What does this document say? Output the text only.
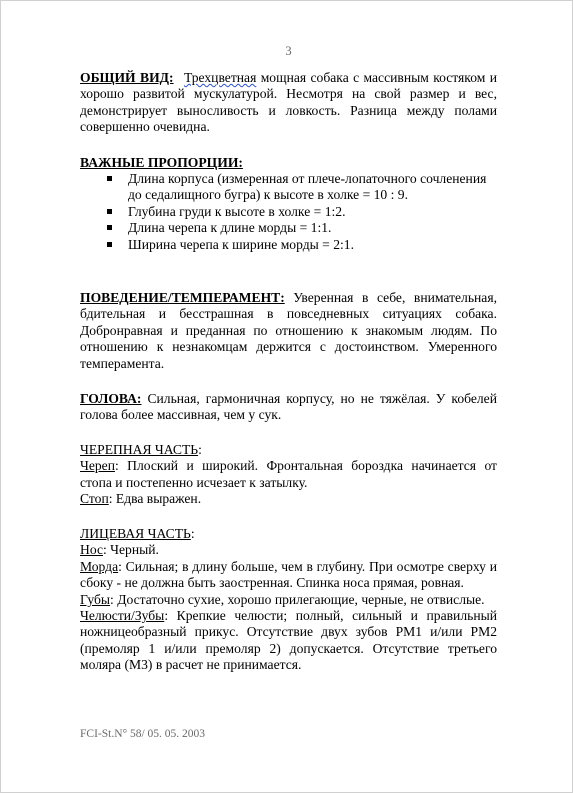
3
ОБЩИЙ ВИД: Трехцветная мощная собака с массивным костяком и хорошо развитой мускулатурой. Несмотря на свой размер и вес, демонстрирует выносливость и ловкость. Разница между полами совершенно очевидна.
ВАЖНЫЕ ПРОПОРЦИИ:
Длина корпуса (измеренная от плече-лопаточного сочленения до седалищного бугра) к высоте в холке = 10 : 9.
Глубина груди к высоте в холке = 1:2.
Длина черепа к длине морды = 1:1.
Ширина черепа к ширине морды = 2:1.
ПОВЕДЕНИЕ/ТЕМПЕРАМЕНТ: Уверенная в себе, внимательная, бдительная и бесстрашная в повседневных ситуациях собака. Добронравная и преданная по отношению к знакомым людям. По отношению к незнакомцам держится с достоинством. Умеренного темперамента.
ГОЛОВА: Сильная, гармоничная корпусу, но не тяжёлая. У кобелей голова более массивная, чем у сук.
ЧЕРЕПНАЯ ЧАСТЬ:
Череп: Плоский и широкий. Фронтальная бороздка начинается от стопа и постепенно исчезает к затылку.
Стоп: Едва выражен.
ЛИЦЕВАЯ ЧАСТЬ:
Нос: Черный.
Морда: Сильная; в длину больше, чем в глубину. При осмотре сверху и сбоку - не должна быть заостренная. Спинка носа прямая, ровная.
Губы: Достаточно сухие, хорошо прилегающие, черные, не отвислые.
Челюсти/Зубы: Крепкие челюсти; полный, сильный и правильный ножницеобразный прикус. Отсутствие двух зубов PM1 и/или PM2 (премоляр 1 и/или премоляр 2) допускается. Отсутствие третьего моляра (M3) в расчет не принимается.
FCI-St.N° 58/ 05. 05. 2003
